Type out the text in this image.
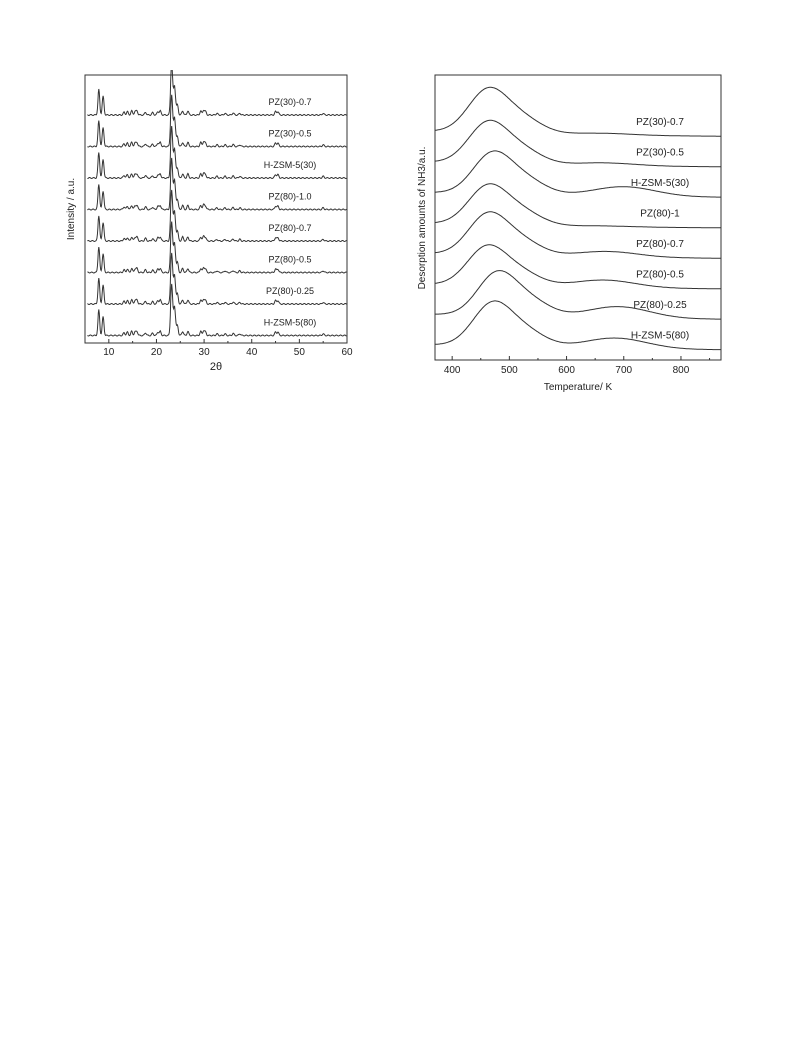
PZ(30)-0.7
PZ(30)-0.5
H-ZSM-5(30)
PZ(80)-1.0
PZ(80)-0.7
PZ(80)-0.5
PZ(80)-0.25
H-ZSM-5(80)
10	20	30	40	50	60
2θ
Intensity / a.u.
PZ(30)-0.7
PZ(30)-0.5
H-ZSM-5(30)
PZ(80)-1
PZ(80)-0.7
PZ(80)-0.5
PZ(80)-0.25
H-ZSM-5(80)
400	500	600	700	800
Temperature/ K
Desorption amounts of NH3/a.u.
